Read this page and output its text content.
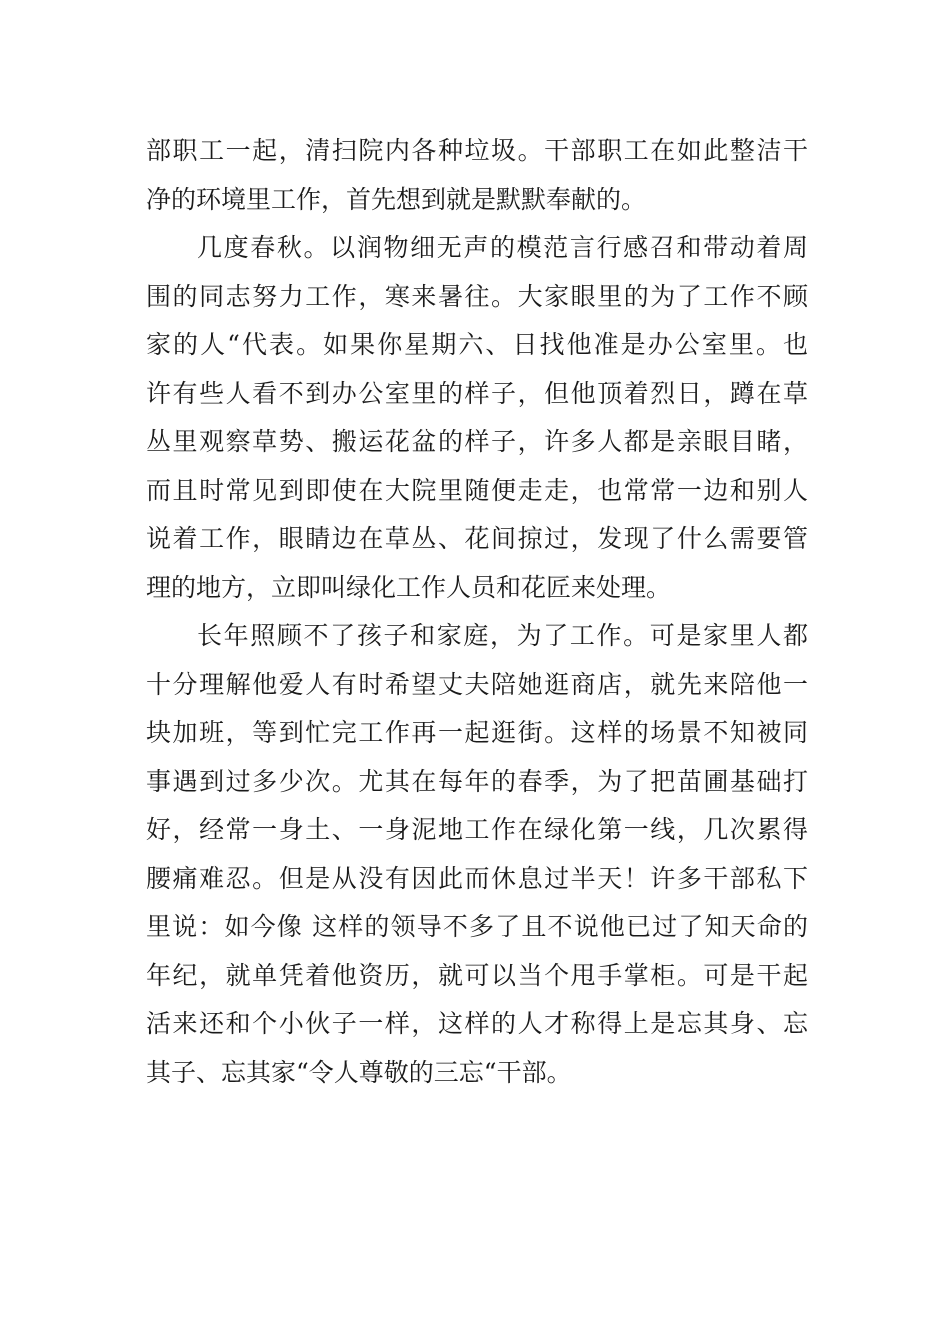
部职工一起，清扫院内各种垃圾。干部职工在如此整洁干
净的环境里工作，首先想到就是默默奉献的。
几度春秋。以润物细无声的模范言行感召和带动着周
围的同志努力工作，寒来暑往。大家眼里的为了工作不顾
家的人“代表。如果你星期六、日找他准是办公室里。也
许有些人看不到办公室里的样子，但他顶着烈日，蹲在草
丛里观察草势、搬运花盆的样子，许多人都是亲眼目睹，
而且时常见到即使在大院里随便走走，也常常一边和别人
说着工作，眼睛边在草丛、花间掠过，发现了什么需要管
理的地方，立即叫绿化工作人员和花匠来处理。
长年照顾不了孩子和家庭，为了工作。可是家里人都
十分理解他爱人有时希望丈夫陪她逛商店，就先来陪他一
块加班，等到忙完工作再一起逛街。这样的场景不知被同
事遇到过多少次。尤其在每年的春季，为了把苗圃基础打
好，经常一身土、一身泥地工作在绿化第一线，几次累得
腰痛难忍。但是从没有因此而休息过半天！许多干部私下
里说：如今像 这样的领导不多了且不说他已过了知天命的
年纪，就单凭着他资历，就可以当个甩手掌柜。可是干起
活来还和个小伙子一样，这样的人才称得上是忘其身、忘
其子、忘其家“令人尊敬的三忘“干部。
